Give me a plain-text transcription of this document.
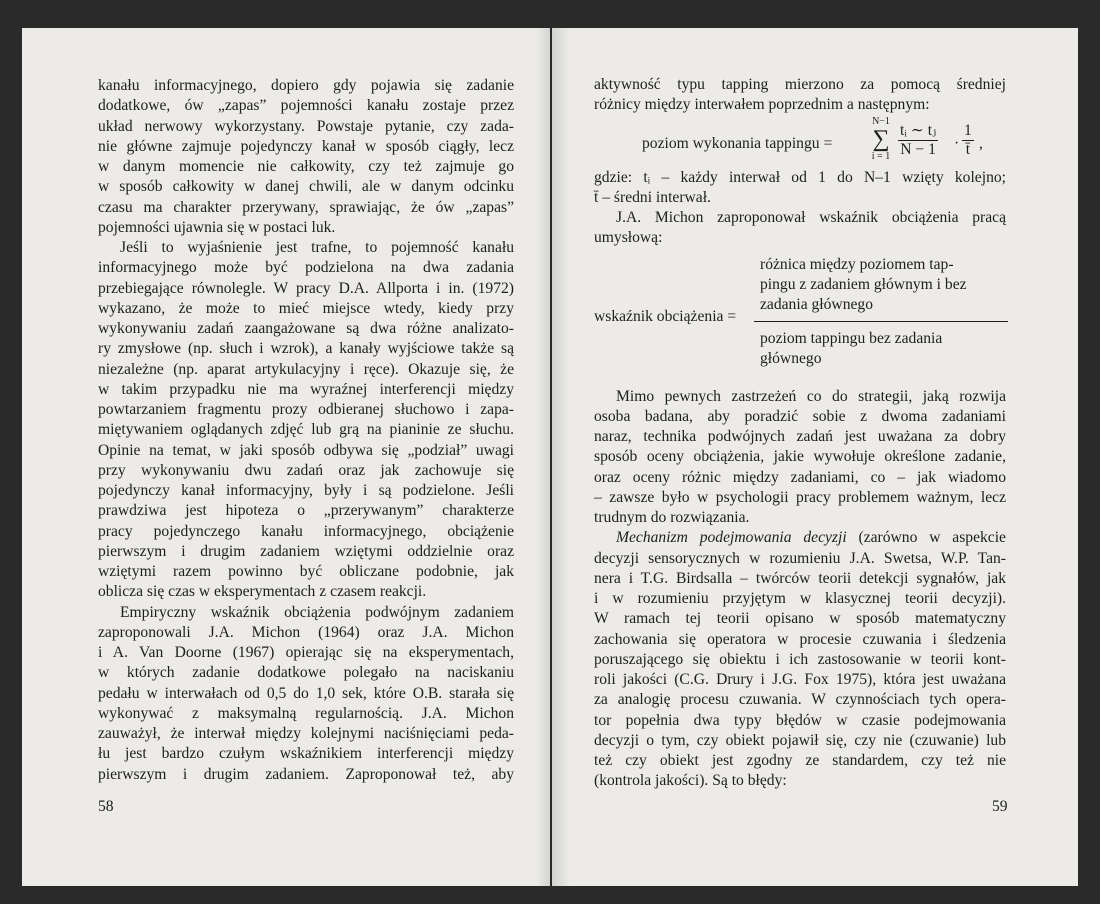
kanału informacyjnego, dopiero gdy pojawia się zadanie
dodatkowe, ów „zapas” pojemności kanału zostaje przez
układ nerwowy wykorzystany. Powstaje pytanie, czy zada-
nie główne zajmuje pojedynczy kanał w sposób ciągły, lecz
w danym momencie nie całkowity, czy też zajmuje go
w sposób całkowity w danej chwili, ale w danym odcinku
czasu ma charakter przerywany, sprawiając, że ów „zapas”
pojemności ujawnia się w postaci luk.
Jeśli to wyjaśnienie jest trafne, to pojemność kanału
informacyjnego może być podzielona na dwa zadania
przebiegające równolegle. W pracy D.A. Allporta i in. (1972)
wykazano, że może to mieć miejsce wtedy, kiedy przy
wykonywaniu zadań zaangażowane są dwa różne analizato-
ry zmysłowe (np. słuch i wzrok), a kanały wyjściowe także są
niezależne (np. aparat artykulacyjny i ręce). Okazuje się, że
w takim przypadku nie ma wyraźnej interferencji między
powtarzaniem fragmentu prozy odbieranej słuchowo i zapa-
miętywaniem oglądanych zdjęć lub grą na pianinie ze słuchu.
Opinie na temat, w jaki sposób odbywa się „podział” uwagi
przy wykonywaniu dwu zadań oraz jak zachowuje się
pojedynczy kanał informacyjny, były i są podzielone. Jeśli
prawdziwa jest hipoteza o „przerywanym” charakterze
pracy pojedynczego kanału informacyjnego, obciążenie
pierwszym i drugim zadaniem wziętymi oddzielnie oraz
wziętymi razem powinno być obliczane podobnie, jak
oblicza się czas w eksperymentach z czasem reakcji.
Empiryczny wskaźnik obciążenia podwójnym zadaniem
zaproponowali J.A. Michon (1964) oraz J.A. Michon
i A. Van Doorne (1967) opierając się na eksperymentach,
w których zadanie dodatkowe polegało na naciskaniu
pedału w interwałach od 0,5 do 1,0 sek, które O.B. starała się
wykonywać z maksymalną regularnością. J.A. Michon
zauważył, że interwał między kolejnymi naciśnięciami peda-
łu jest bardzo czułym wskaźnikiem interferencji między
pierwszym i drugim zadaniem. Zaproponował też, aby
58
aktywność typu tapping mierzono za pomocą średniej
różnicy między interwałem poprzednim a następnym:
poziom wykonania tappingu =
N−1
∑
$i = 1 \frac{\text{tᵢ ∼ tⱼ}}{N - 1} \cdot \frac{1}{t̄}$ ,
gdzie: tᵢ – każdy interwał od 1 do N–1 wzięty kolejno;
t̄ – średni interwał.
J.A. Michon zaproponował wskaźnik obciążenia pracą
umysłową:
wskaźnik obciążenia =
różnica między poziomem tap-
pingu z zadaniem głównym i bez
zadania głównego
poziom tappingu bez zadania
głównego
Mimo pewnych zastrzeżeń co do strategii, jaką rozwija
osoba badana, aby poradzić sobie z dwoma zadaniami
naraz, technika podwójnych zadań jest uważana za dobry
sposób oceny obciążenia, jakie wywołuje określone zadanie,
oraz oceny różnic między zadaniami, co – jak wiadomo
– zawsze było w psychologii pracy problemem ważnym, lecz
trudnym do rozwiązania.
Mechanizm podejmowania decyzji (zarówno w aspekcie
decyzji sensorycznych w rozumieniu J.A. Swetsa, W.P. Tan-
nera i T.G. Birdsalla – twórców teorii detekcji sygnałów, jak
i w rozumieniu przyjętym w klasycznej teorii decyzji).
W ramach tej teorii opisano w sposób matematyczny
zachowania się operatora w procesie czuwania i śledzenia
poruszającego się obiektu i ich zastosowanie w teorii kont-
roli jakości (C.G. Drury i J.G. Fox 1975), która jest uważana
za analogię procesu czuwania. W czynnościach tych opera-
tor popełnia dwa typy błędów w czasie podejmowania
decyzji o tym, czy obiekt pojawił się, czy nie (czuwanie) lub
też czy obiekt jest zgodny ze standardem, czy też nie
(kontrola jakości). Są to błędy:
59
